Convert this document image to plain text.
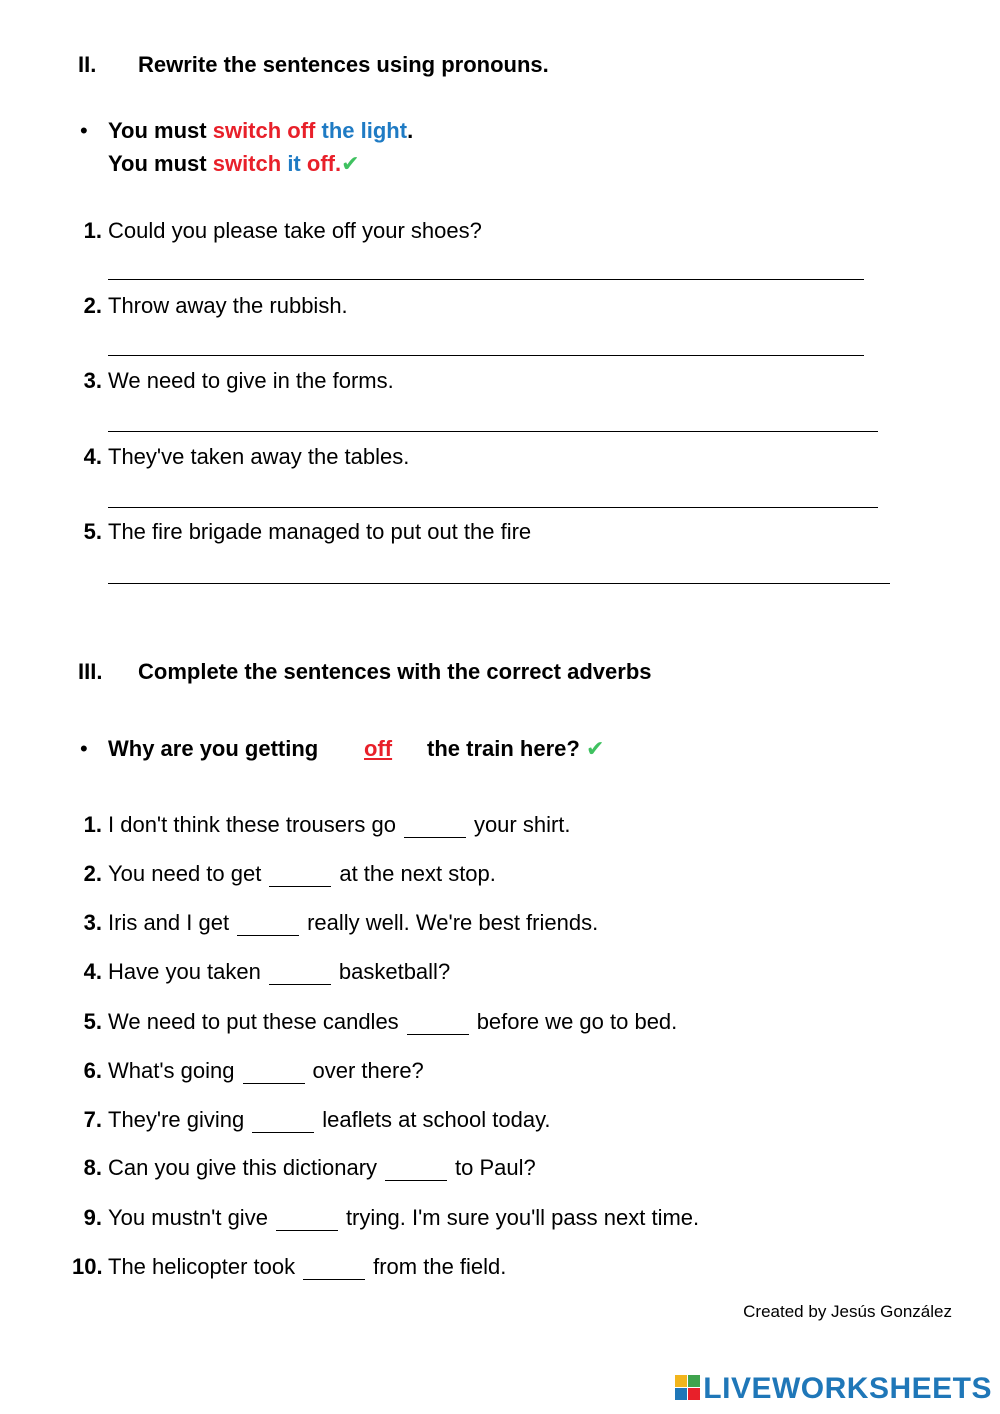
II. Rewrite the sentences using pronouns.
• You must switch off the light.
You must switch it off.✔
1. Could you please take off your shoes?
2. Throw away the rubbish.
3. We need to give in the forms.
4. They've taken away the tables.
5. The fire brigade managed to put out the fire
III. Complete the sentences with the correct adverbs
• Why are you getting off the train here? ✔
1. I don't think these trousers go	your shirt.
2. You need to get	at the next stop.
3. Iris and I get	really well. We're best friends.
4. Have you taken	basketball?
5. We need to put these candles	before we go to bed.
6. What's going	over there?
7. They're giving	leaflets at school today.
8. Can you give this dictionary	to Paul?
9. You mustn't give	trying. I'm sure you'll pass next time.
10. The helicopter took	from the field.
Created by Jesús González
LIVEWORKSHEETS
